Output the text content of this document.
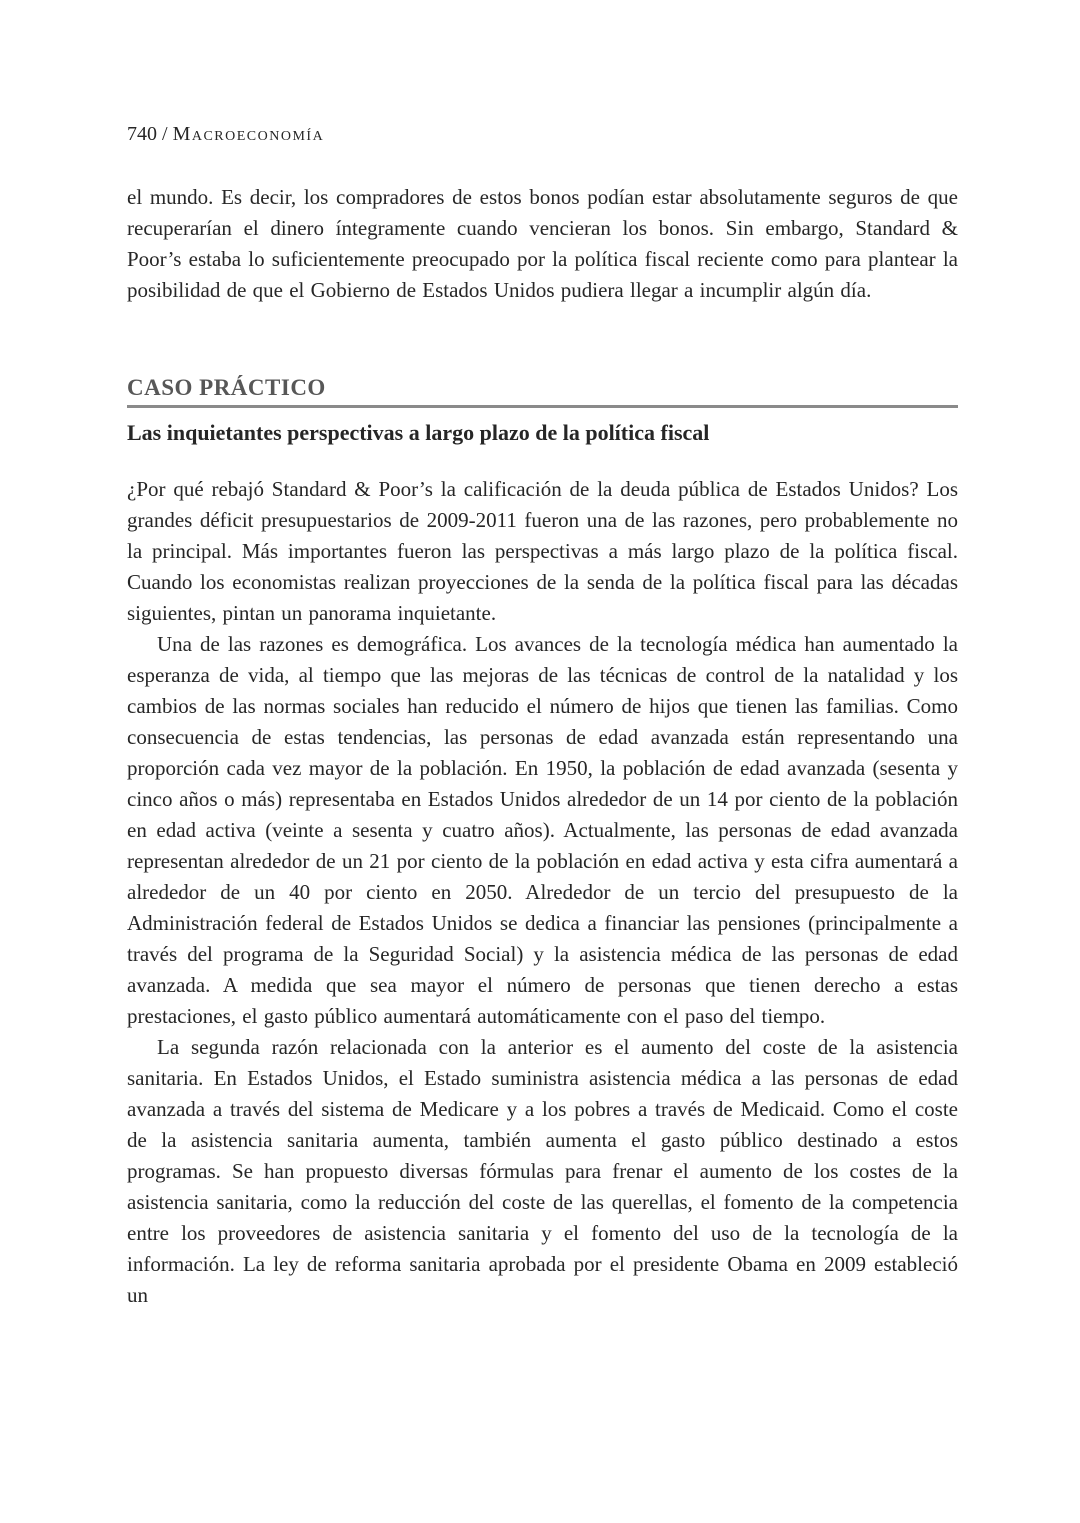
740 / Macroeconomía

el mundo. Es decir, los compradores de estos bonos podían estar absolutamente seguros de que recuperarían el dinero íntegramente cuando vencieran los bonos. Sin embargo, Standard & Poor’s estaba lo suficientemente preocupado por la política fiscal reciente como para plantear la posibilidad de que el Gobierno de Estados Unidos pudiera llegar a incumplir algún día.

CASO PRÁCTICO
Las inquietantes perspectivas a largo plazo de la política fiscal

¿Por qué rebajó Standard & Poor’s la calificación de la deuda pública de Estados Unidos? Los grandes déficit presupuestarios de 2009-2011 fueron una de las razones, pero probablemente no la principal. Más importantes fueron las perspectivas a más largo plazo de la política fiscal. Cuando los economistas realizan proyecciones de la senda de la política fiscal para las décadas siguientes, pintan un panorama inquietante.

Una de las razones es demográfica. Los avances de la tecnología médica han aumentado la esperanza de vida, al tiempo que las mejoras de las técnicas de control de la natalidad y los cambios de las normas sociales han reducido el número de hijos que tienen las familias. Como consecuencia de estas tendencias, las personas de edad avanzada están representando una proporción cada vez mayor de la población. En 1950, la población de edad avanzada (sesenta y cinco años o más) representaba en Estados Unidos alrededor de un 14 por ciento de la población en edad activa (veinte a sesenta y cuatro años). Actualmente, las personas de edad avanzada representan alrededor de un 21 por ciento de la población en edad activa y esta cifra aumentará a alrededor de un 40 por ciento en 2050. Alrededor de un tercio del presupuesto de la Administración federal de Estados Unidos se dedica a financiar las pensiones (principalmente a través del programa de la Seguridad Social) y la asistencia médica de las personas de edad avanzada. A medida que sea mayor el número de personas que tienen derecho a estas prestaciones, el gasto público aumentará automáticamente con el paso del tiempo.

La segunda razón relacionada con la anterior es el aumento del coste de la asistencia sanitaria. En Estados Unidos, el Estado suministra asistencia médica a las personas de edad avanzada a través del sistema de Medicare y a los pobres a través de Medicaid. Como el coste de la asistencia sanitaria aumenta, también aumenta el gasto público destinado a estos programas. Se han propuesto diversas fórmulas para frenar el aumento de los costes de la asistencia sanitaria, como la reducción del coste de las querellas, el fomento de la competencia entre los proveedores de asistencia sanitaria y el fomento del uso de la tecnología de la información. La ley de reforma sanitaria aprobada por el presidente Obama en 2009 estableció un
